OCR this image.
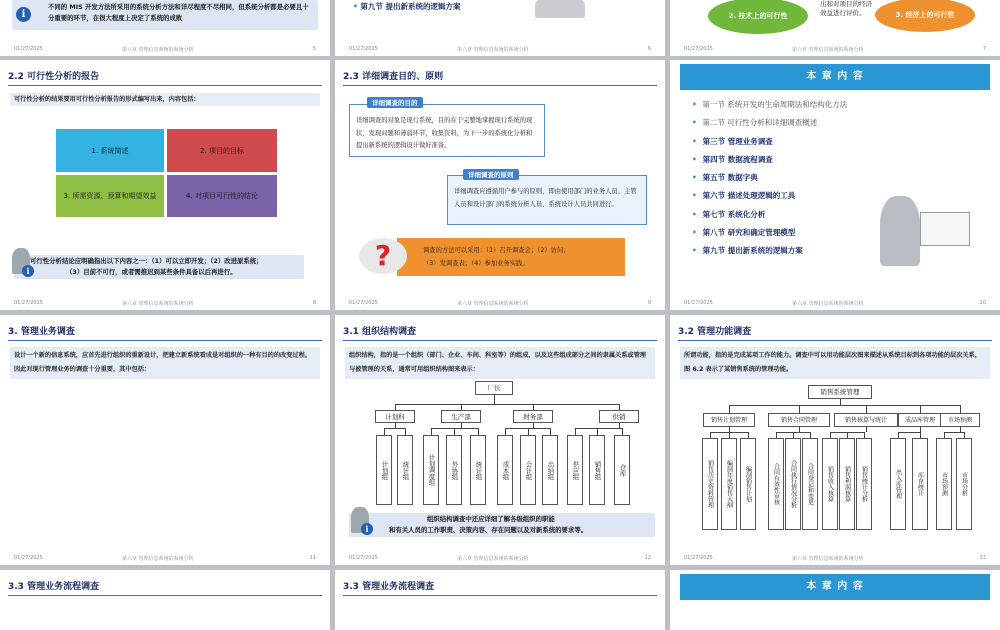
不同的 MIS 开发方法所采用的系统分析方法和详尽程度不尽相同，但系统分析都是必要且十分重要的环节，在很大程度上决定了系统的成败
i
01/27/2025	第六章 管理信息系统的系统分析	5
• 第九节 提出新系统的逻辑方案
01/27/2025	第六章 管理信息系统的系统分析	6
2. 技术上的可行性
出和对项目的经济效益进行评价。	3. 经济上的可行性
01/27/2025	第六章 管理信息系统的系统分析	7
2.2 可行性分析的报告
可行性分析的结果要用可行性分析报告的形式编写出来，内容包括：
1. 系统简述	2. 项目的目标
3. 所需资源、预算和期望效益	4. 对项目可行性的结论
可行性分析结论应明确指出以下内容之一：（1）可以立即开发；（2）改进原系统；
（3）目前不可行，或者需推迟到某些条件具备以后再进行。
i
01/27/2025	第六章 管理信息系统的系统分析	8
2.3 详细调查目的、原则
详细调查的对象是现行系统，目的在于完整地掌握现行系统的现状，发现问题和薄弱环节，收集资料，为下一步的系统化分析和提出新系统的逻辑设计做好准备。
详细调查的目的
详细调查应遵循用户参与的原则，即由使用部门的业务人员、主管人员和设计部门的系统分析人员、系统设计人员共同进行。
详细调查的原则
调查的方法可以采用：（1）召开调查会；（2）访问；
（3）发调查表；（4）参加业务实践。
?
01/27/2025	第六章 管理信息系统的系统分析	9
本 章 内 容
• 第一节 系统开发的生命周期法和结构化方法
• 第二节 可行性分析和详细调查概述
• 第三节 管理业务调查
• 第四节 数据流程调查
• 第五节 数据字典
• 第六节 描述处理逻辑的工具
• 第七节 系统化分析
• 第八节 研究和确定管理模型
• 第九节 提出新系统的逻辑方案
01/27/2025	第六章 管理信息系统的系统分析	10
3. 管理业务调查
设计一个新的信息系统，应首先进行组织的重新设计，把建立新系统看成是对组织的一种有目的的改变过程。因此对现行管理业务的调查十分重要，其中包括：
01/27/2025	第六章 管理信息系统的系统分析	11
3.1 组织结构调查
组织结构，指的是一个组织（部门、企业、车间、科室等）的组成，以及这些组成部分之间的隶属关系或管理与被管理的关系，通常可用组织结构图来表示：
组织结构调查中还应详细了解各级组织的职能
和有关人员的工作职责、决策内容、存在问题以及对新系统的要求等。
i
01/27/2025	第六章 管理信息系统的系统分析	12
厂长
计划科	生产部	财务部	供销
计划组	统计组	计划调度组	外协组	统计组	成本组	会计组	出纳组	供应组	销售组	仓库
3.2 管理功能调查
所谓功能，指的是完成某项工作的能力。调查中可以用功能层次图来描述从系统目标到各项功能的层次关系，图 6.2 表示了某销售系统的管理功能。
01/27/2025	第六章 管理信息系统的系统分析	13
销售系统管理
销售计划管理	销售合同管理	销售核算与统计	成品库管理	市场预测
销售历史资料管理	编制年度销售大纲	编制销售计划	合同有效性审核	合同执行情况分析	合同登记和变更	销售收入核算	销售利润核算	销售统计分析	出入库管理	库存统计	市场预测	市场分析
3.3 管理业务流程调查	3.3 管理业务流程调查	本 章 内 容
